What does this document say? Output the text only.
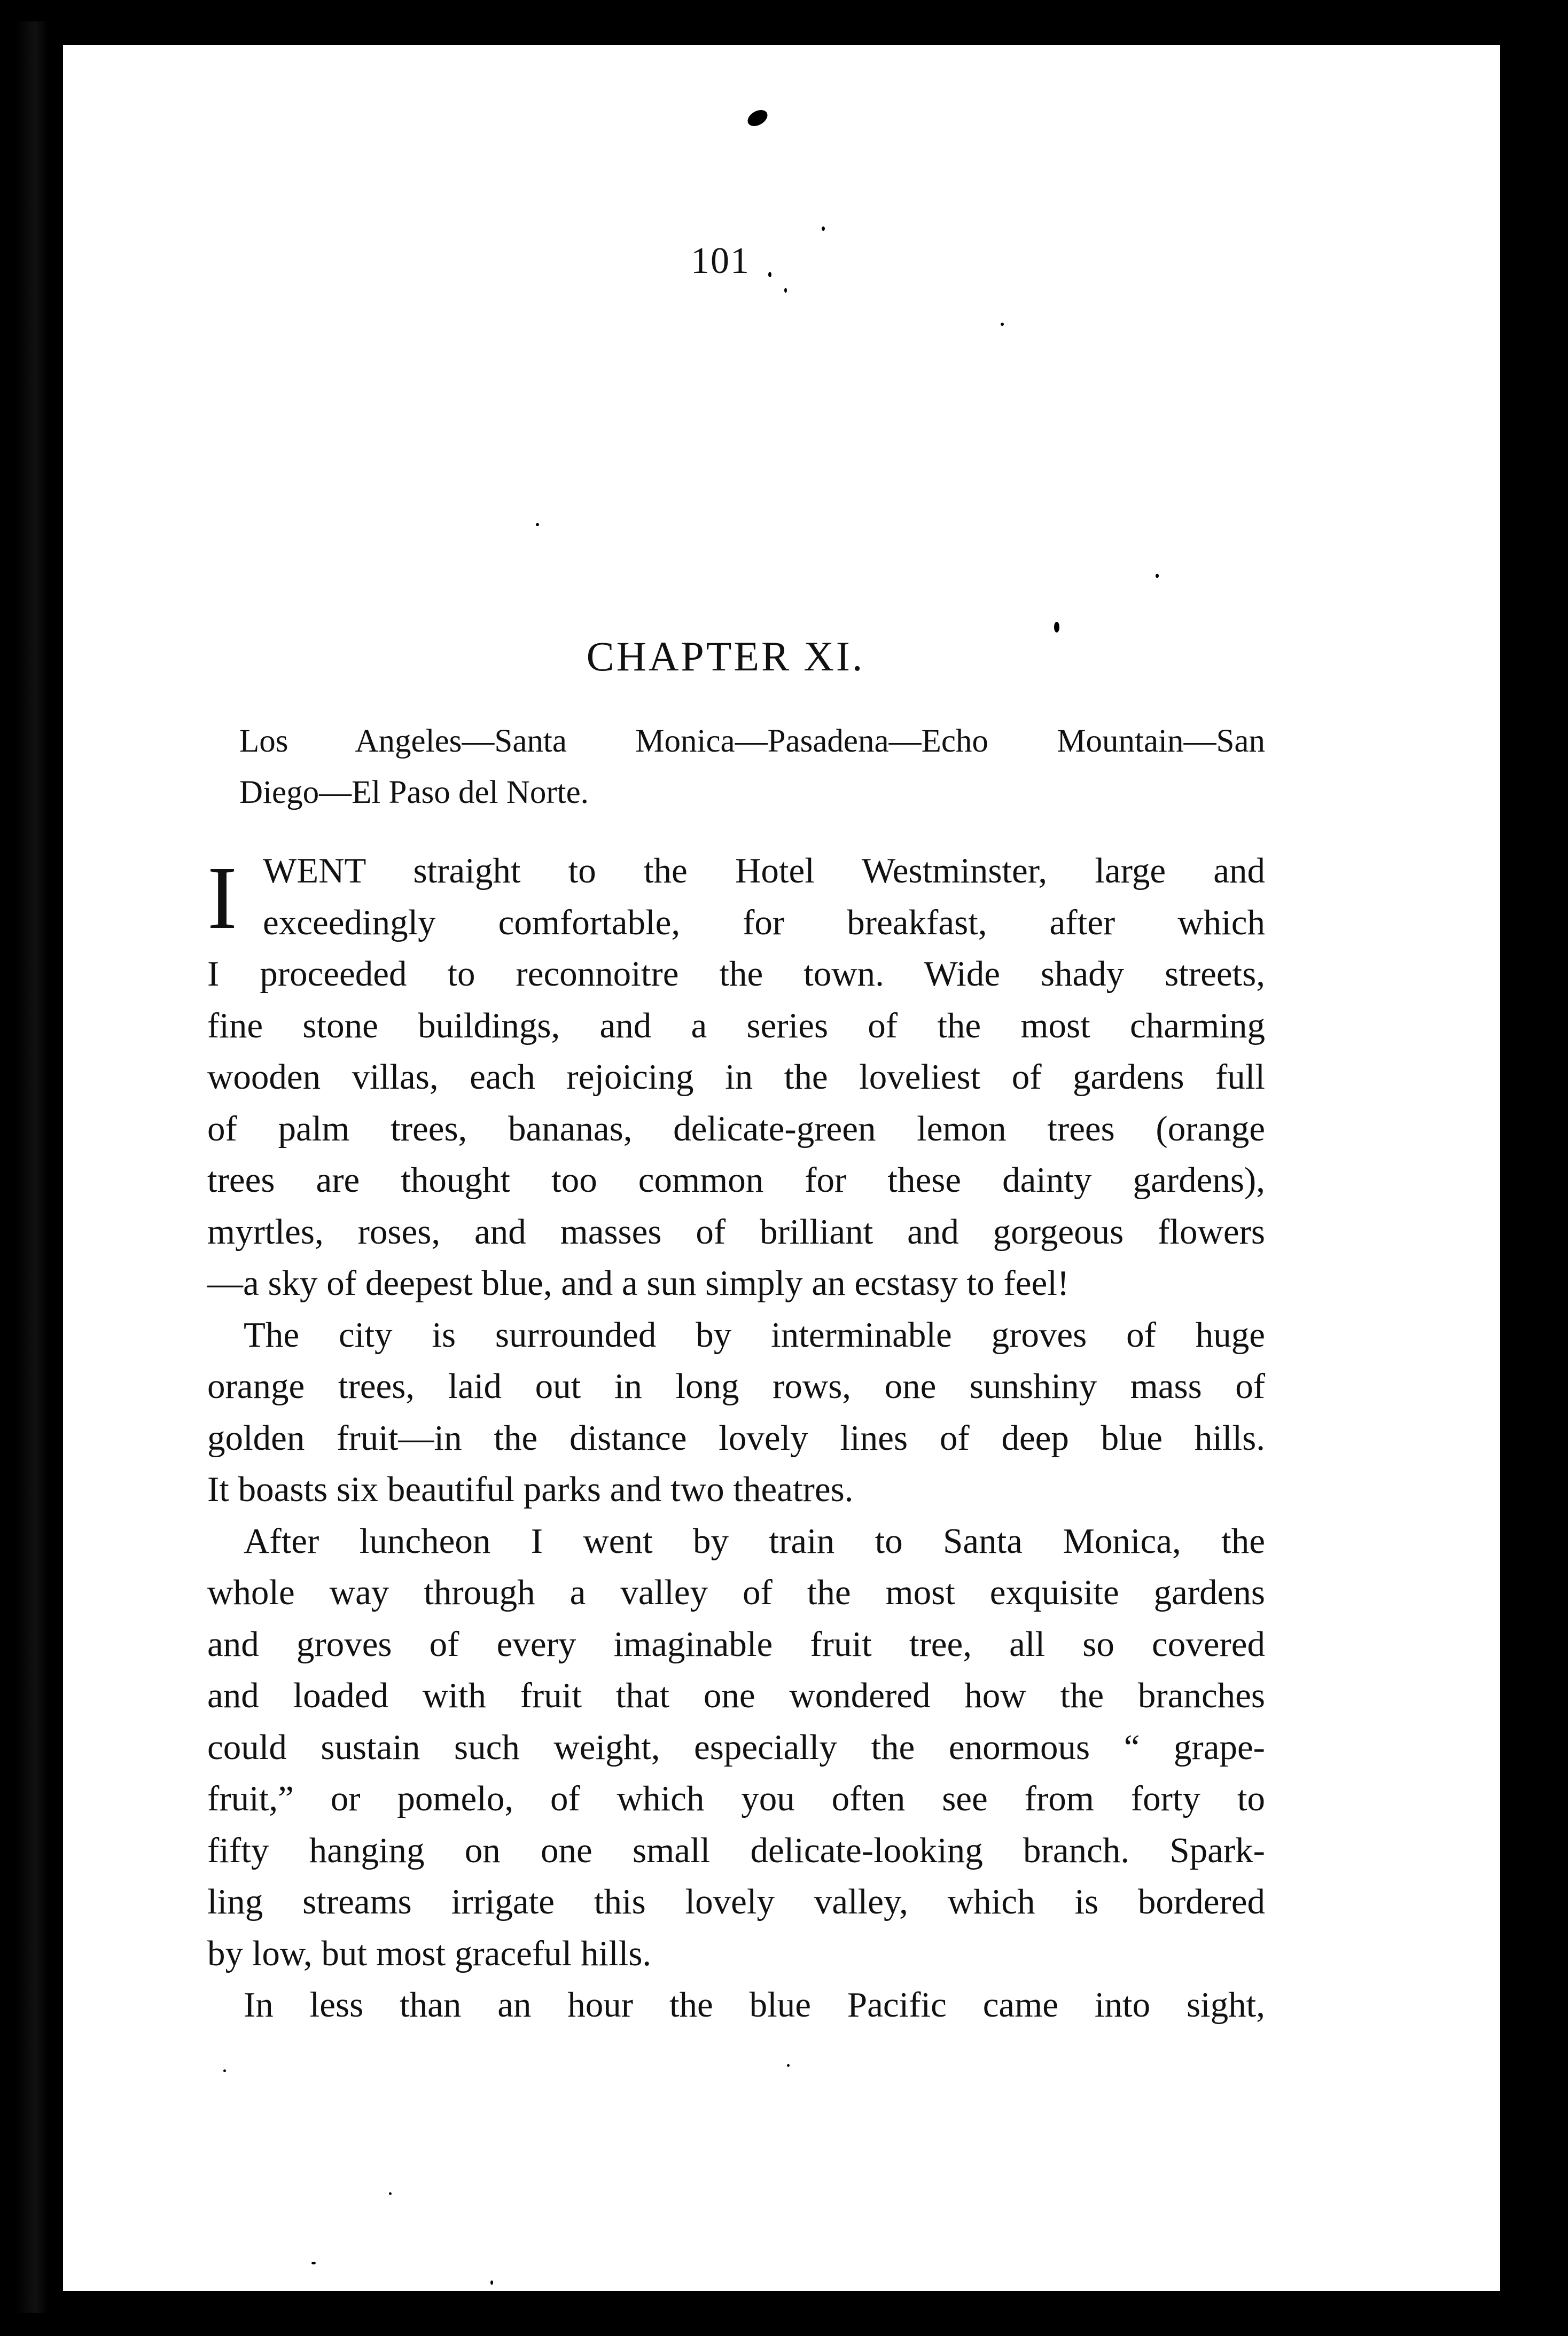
101
CHAPTER XI.
Los Angeles—Santa Monica—Pasadena—Echo Mountain—San
Diego—El Paso del Norte.
I WENT straight to the Hotel Westminster, large and
exceedingly comfortable, for breakfast, after which
I proceeded to reconnoitre the town. Wide shady streets,
fine stone buildings, and a series of the most charming
wooden villas, each rejoicing in the loveliest of gardens full
of palm trees, bananas, delicate-green lemon trees (orange
trees are thought too common for these dainty gardens),
myrtles, roses, and masses of brilliant and gorgeous flowers
—a sky of deepest blue, and a sun simply an ecstasy to feel!
The city is surrounded by interminable groves of huge
orange trees, laid out in long rows, one sunshiny mass of
golden fruit—in the distance lovely lines of deep blue hills.
It boasts six beautiful parks and two theatres.
After luncheon I went by train to Santa Monica, the
whole way through a valley of the most exquisite gardens
and groves of every imaginable fruit tree, all so covered
and loaded with fruit that one wondered how the branches
could sustain such weight, especially the enormous “ grape-
fruit,” or pomelo, of which you often see from forty to
fifty hanging on one small delicate-looking branch. Spark-
ling streams irrigate this lovely valley, which is bordered
by low, but most graceful hills.
In less than an hour the blue Pacific came into sight,
